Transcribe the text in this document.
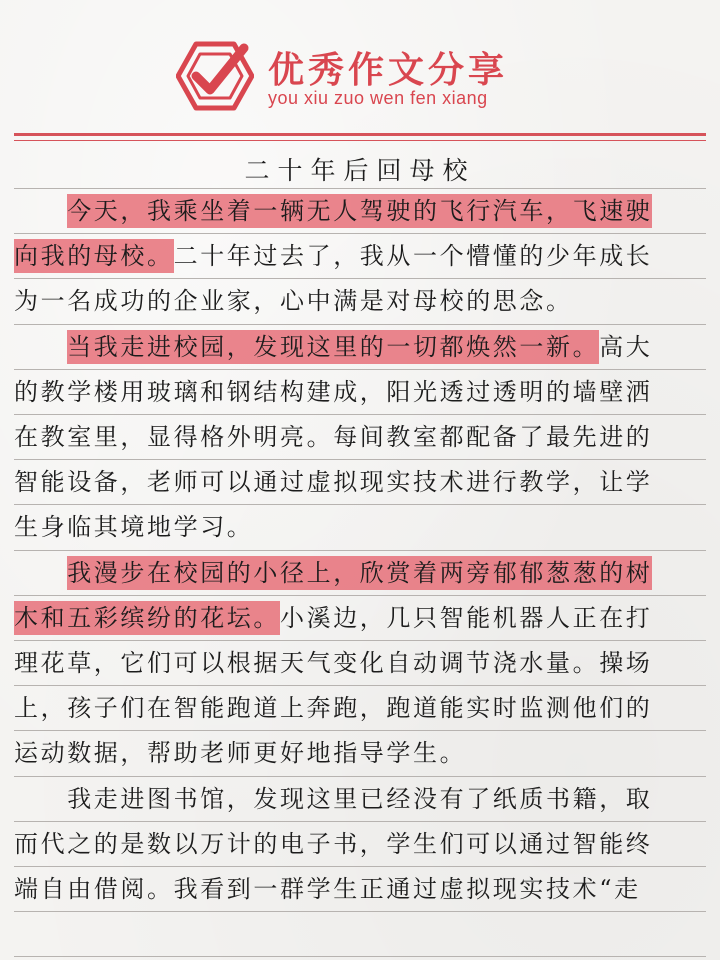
优秀作文分享
you xiu zuo wen fen xiang
二十年后回母校
　　今天，我乘坐着一辆无人驾驶的飞行汽车，飞速驶
向我的母校。二十年过去了，我从一个懵懂的少年成长
为一名成功的企业家，心中满是对母校的思念。
　　当我走进校园，发现这里的一切都焕然一新。高大
的教学楼用玻璃和钢结构建成，阳光透过透明的墙壁洒
在教室里，显得格外明亮。每间教室都配备了最先进的
智能设备，老师可以通过虚拟现实技术进行教学，让学
生身临其境地学习。
　　我漫步在校园的小径上，欣赏着两旁郁郁葱葱的树
木和五彩缤纷的花坛。小溪边，几只智能机器人正在打
理花草，它们可以根据天气变化自动调节浇水量。操场
上，孩子们在智能跑道上奔跑，跑道能实时监测他们的
运动数据，帮助老师更好地指导学生。
　　我走进图书馆，发现这里已经没有了纸质书籍，取
而代之的是数以万计的电子书，学生们可以通过智能终
端自由借阅。我看到一群学生正通过虚拟现实技术“走
